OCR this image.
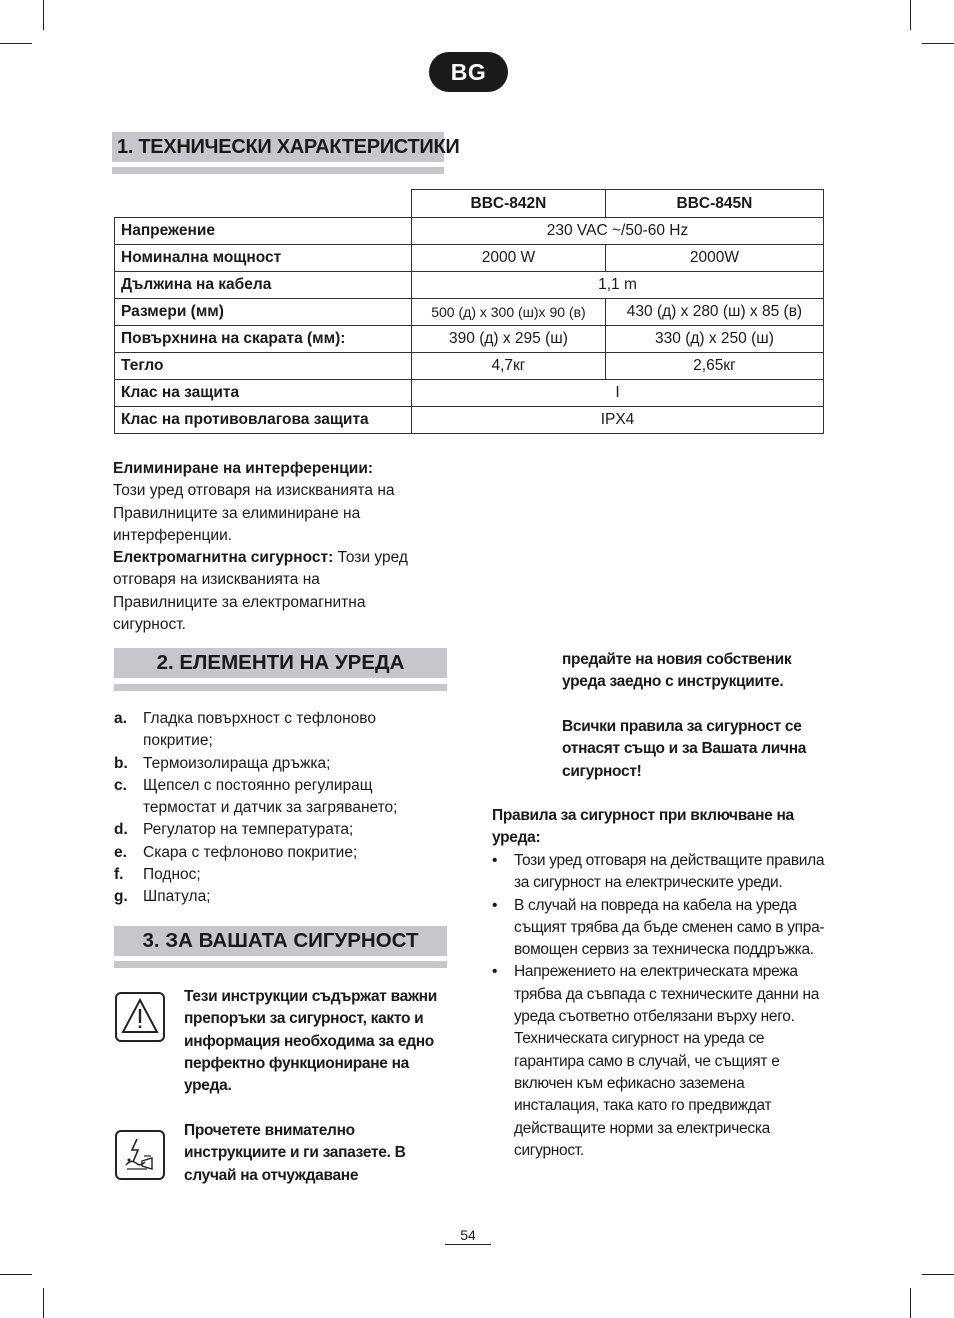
BG
1. ТЕХНИЧЕСКИ ХАРАКТЕРИСТИКИ
	BBC-842N	BBC-845N
Напрежение	230 VAC ~/50-60 Hz	
Номинална мощност	2000 W	2000W
Дължина на кабела	1,1 m	
Размери (мм)	500 (д) x 300 (ш)x 90 (в)	430 (д) x 280 (ш) x 85 (в)
Повърхнина на скарата (мм):	390 (д) x 295 (ш)	330 (д) x 250 (ш)
Тегло	4,7кг	2,65кг
Клас на защита	I	
Клас на противовлагова защита	IPX4	
Елиминиране на интерференции:
Този уред отговаря на изискванията на Правилниците за елиминиране на интерференции.
Електромагнитна сигурност: Този уред отговаря на изискванията на Правилниците за електромагнитна сигурност.
2. ЕЛЕМЕНТИ НА УРЕДА
a. Гладка повърхност с тефлоново покритие;
b. Термоизолираща дръжка;
c. Щепсел с постоянно регулиращ термостат и датчик за загряването;
d. Регулатор на температурата;
e. Скара с тефлоново покритие;
f. Поднос;
g. Шпатула;
3. ЗА ВАШАТА СИГУРНОСТ
Тези инструкции съдържат важни препоръки за сигурност, както и информация необходима за едно перфектно функциониране на уреда.
Прочетете внимателно инструкциите и ги запазете. В случай на отчуждаване
предайте на новия собственик уреда заедно с инструкциите.
Всички правила за сигурност се отнасят също и за Вашата лична сигурност!
Правила за сигурност при включване на уреда:
• Този уред отговаря на действащите правила за сигурност на електрическите уреди.
• В случай на повреда на кабела на уреда същият трябва да бъде сменен само в управомощен сервиз за техническа поддръжка.
• Напрежението на електрическата мрежа трябва да съвпада с техническите данни на уреда съответно отбелязани върху него. Техническата сигурност на уреда се гарантира само в случай, че същият е включен към ефикасно заземена инсталация, така като го предвиждат действащите норми за електрическа сигурност.
54
